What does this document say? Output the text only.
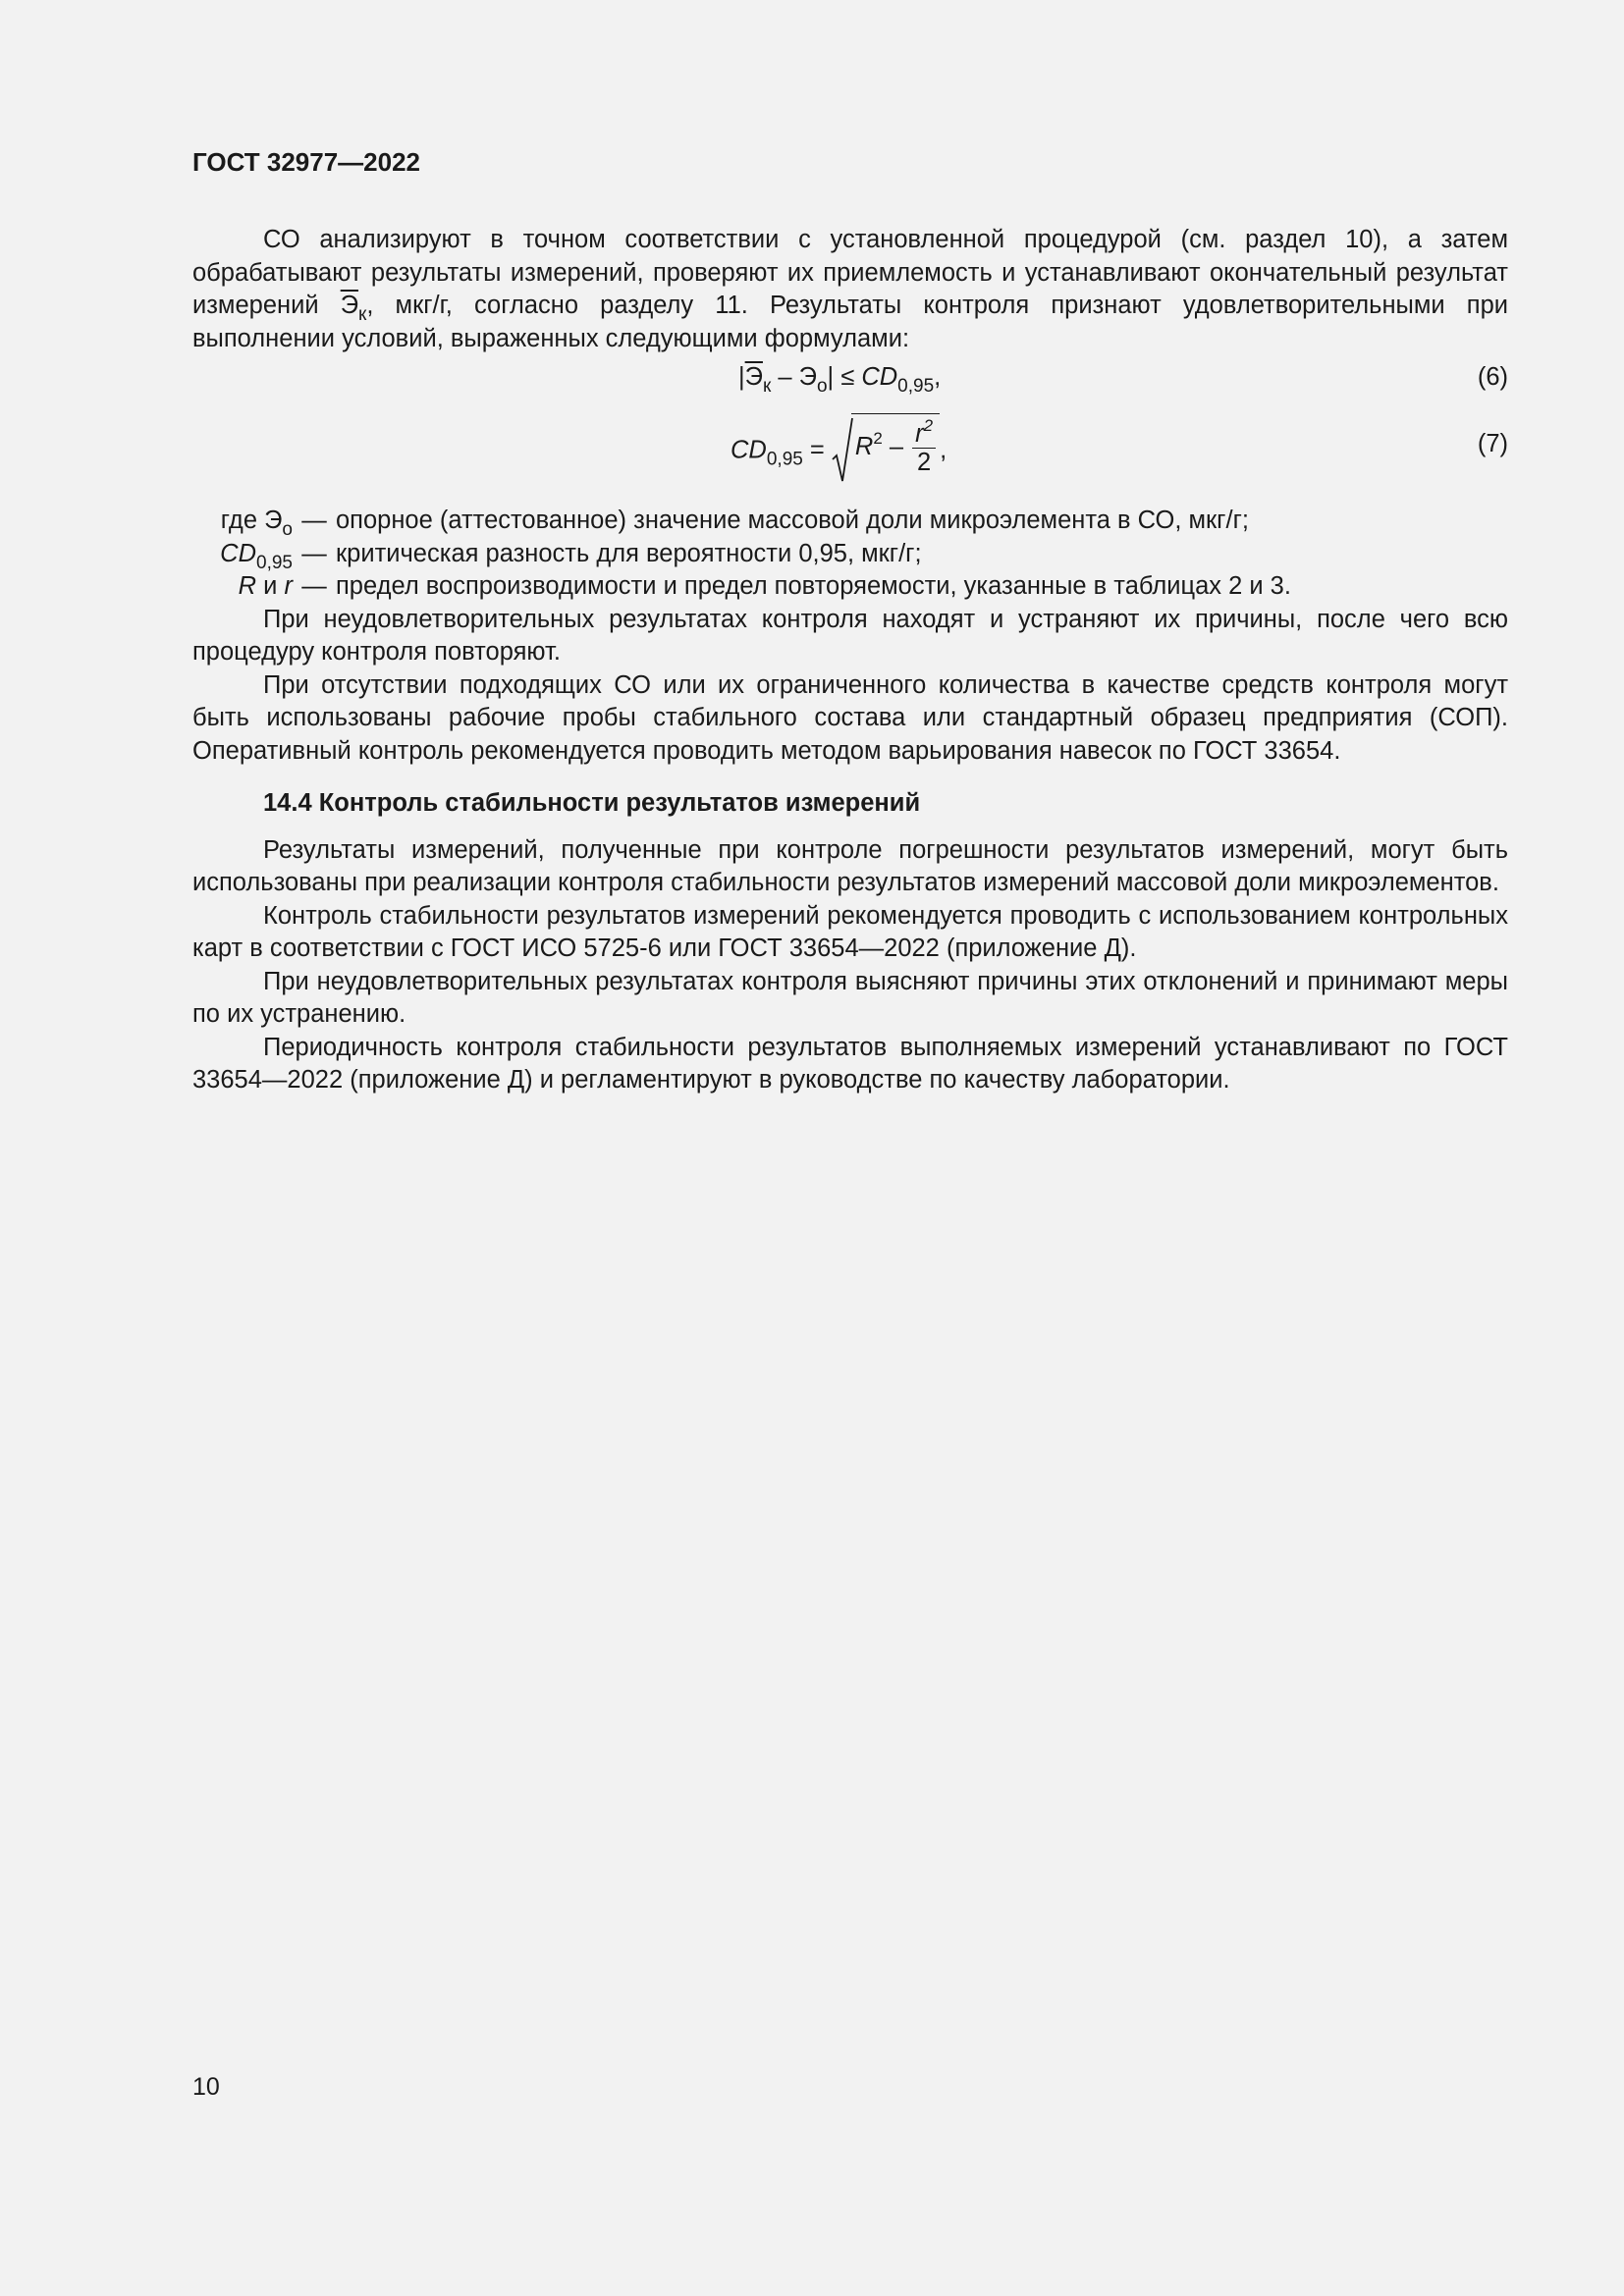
ГОСТ 32977—2022

СО анализируют в точном соответствии с установленной процедурой (см. раздел 10), а затем обрабатывают результаты измерений, проверяют их приемлемость и устанавливают окончательный результат измерений $Э_к$, мкг/г, согласно разделу 11. Результаты контроля признают удовлетворительными при выполнении условий, выраженных следующими формулами:

$|Э_к - Э_о| \le CD_{0,95}$,	(6)
$CD_{0,95} = R^2 - \frac{r^2}{2}$ ,	(7)
где $Э_о$ — опорное (аттестованное) значение массовой доли микроэлемента в СО, мкг/г;
$CD_{0,95}$ — критическая разность для вероятности 0,95, мкг/г;
R и r — предел воспроизводимости и предел повторяемости, указанные в таблицах 2 и 3.

При неудовлетворительных результатах контроля находят и устраняют их причины, после чего всю процедуру контроля повторяют.

При отсутствии подходящих СО или их ограниченного количества в качестве средств контроля могут быть использованы рабочие пробы стабильного состава или стандартный образец предприятия (СОП). Оперативный контроль рекомендуется проводить методом варьирования навесок по ГОСТ 33654.

14.4 Контроль стабильности результатов измерений

Результаты измерений, полученные при контроле погрешности результатов измерений, могут быть использованы при реализации контроля стабильности результатов измерений массовой доли микроэлементов.

Контроль стабильности результатов измерений рекомендуется проводить с использованием контрольных карт в соответствии с ГОСТ ИСО 5725-6 или ГОСТ 33654—2022 (приложение Д).

При неудовлетворительных результатах контроля выясняют причины этих отклонений и принимают меры по их устранению.

Периодичность контроля стабильности результатов выполняемых измерений устанавливают по ГОСТ 33654—2022 (приложение Д) и регламентируют в руководстве по качеству лаборатории.

10
